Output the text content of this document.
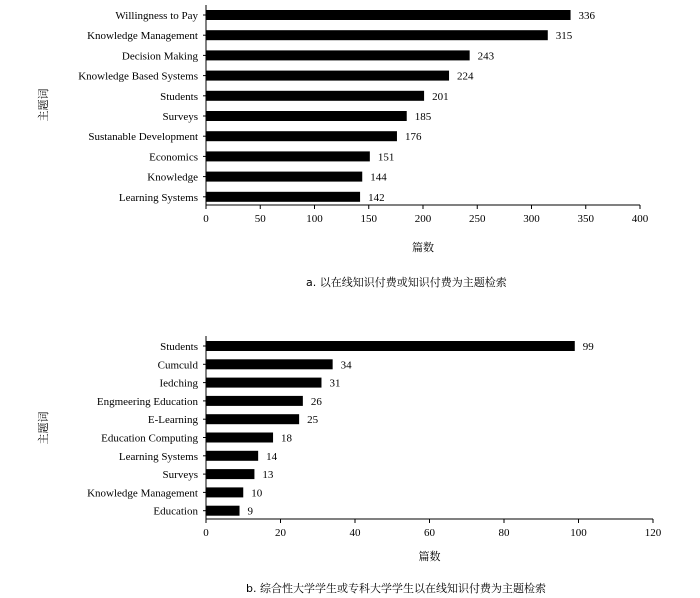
0	50	100	150	200	250	300	350	400
Willingness to Pay	336
Knowledge Management	315
Decision Making	243
Knowledge Based Systems	224
Students	201
Surveys	185
Sustanable Development	176
Economics	151
Knowledge	144
Learning Systems	142
主题词
篇数
a. 以在线知识付费或知识付费为主题检索
0	20	40	60	80	100	120
Students	99
Cumculd	34
Iedching	31
Engmeering Education	26
E-Learning	25
Education Computing	18
Learning Systems	14
Surveys	13
Knowledge Management	10
Education	9
主题词
篇数
b. 综合性大学学生或专科大学学生以在线知识付费为主题检索
